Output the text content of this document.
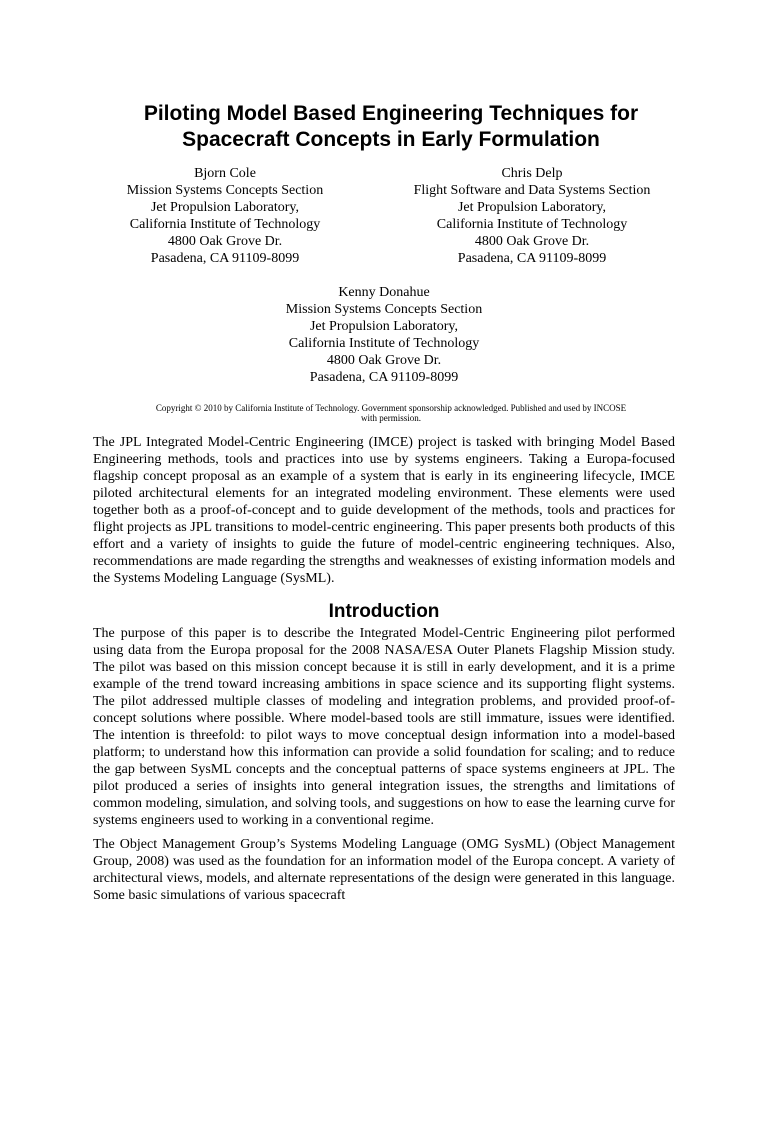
Piloting Model Based Engineering Techniques for
Spacecraft Concepts in Early Formulation
Bjorn Cole
Mission Systems Concepts Section
Jet Propulsion Laboratory,
California Institute of Technology
4800 Oak Grove Dr.
Pasadena, CA 91109-8099
Chris Delp
Flight Software and Data Systems Section
Jet Propulsion Laboratory,
California Institute of Technology
4800 Oak Grove Dr.
Pasadena, CA 91109-8099
Kenny Donahue
Mission Systems Concepts Section
Jet Propulsion Laboratory,
California Institute of Technology
4800 Oak Grove Dr.
Pasadena, CA 91109-8099
Copyright © 2010 by California Institute of Technology. Government sponsorship acknowledged. Published and used by INCOSE
with permission.

The JPL Integrated Model-Centric Engineering (IMCE) project is tasked with bringing Model Based Engineering methods, tools and practices into use by systems engineers. Taking a Europa-focused flagship concept proposal as an example of a system that is early in its engineering lifecycle, IMCE piloted architectural elements for an integrated modeling environment. These elements were used together both as a proof-of-concept and to guide development of the methods, tools and practices for flight projects as JPL transitions to model-centric engineering. This paper presents both products of this effort and a variety of insights to guide the future of model-centric engineering techniques. Also, recommendations are made regarding the strengths and weaknesses of existing information models and the Systems Modeling Language (SysML).

Introduction

The purpose of this paper is to describe the Integrated Model-Centric Engineering pilot performed using data from the Europa proposal for the 2008 NASA/ESA Outer Planets Flagship Mission study. The pilot was based on this mission concept because it is still in early development, and it is a prime example of the trend toward increasing ambitions in space science and its supporting flight systems. The pilot addressed multiple classes of modeling and integration problems, and provided proof-of-concept solutions where possible. Where model-based tools are still immature, issues were identified. The intention is threefold: to pilot ways to move conceptual design information into a model-based platform; to understand how this information can provide a solid foundation for scaling; and to reduce the gap between SysML concepts and the conceptual patterns of space systems engineers at JPL. The pilot produced a series of insights into general integration issues, the strengths and limitations of common modeling, simulation, and solving tools, and suggestions on how to ease the learning curve for systems engineers used to working in a conventional regime.

The Object Management Group’s Systems Modeling Language (OMG SysML) (Object Management Group, 2008) was used as the foundation for an information model of the Europa concept. A variety of architectural views, models, and alternate representations of the design were generated in this language. Some basic simulations of various spacecraft
